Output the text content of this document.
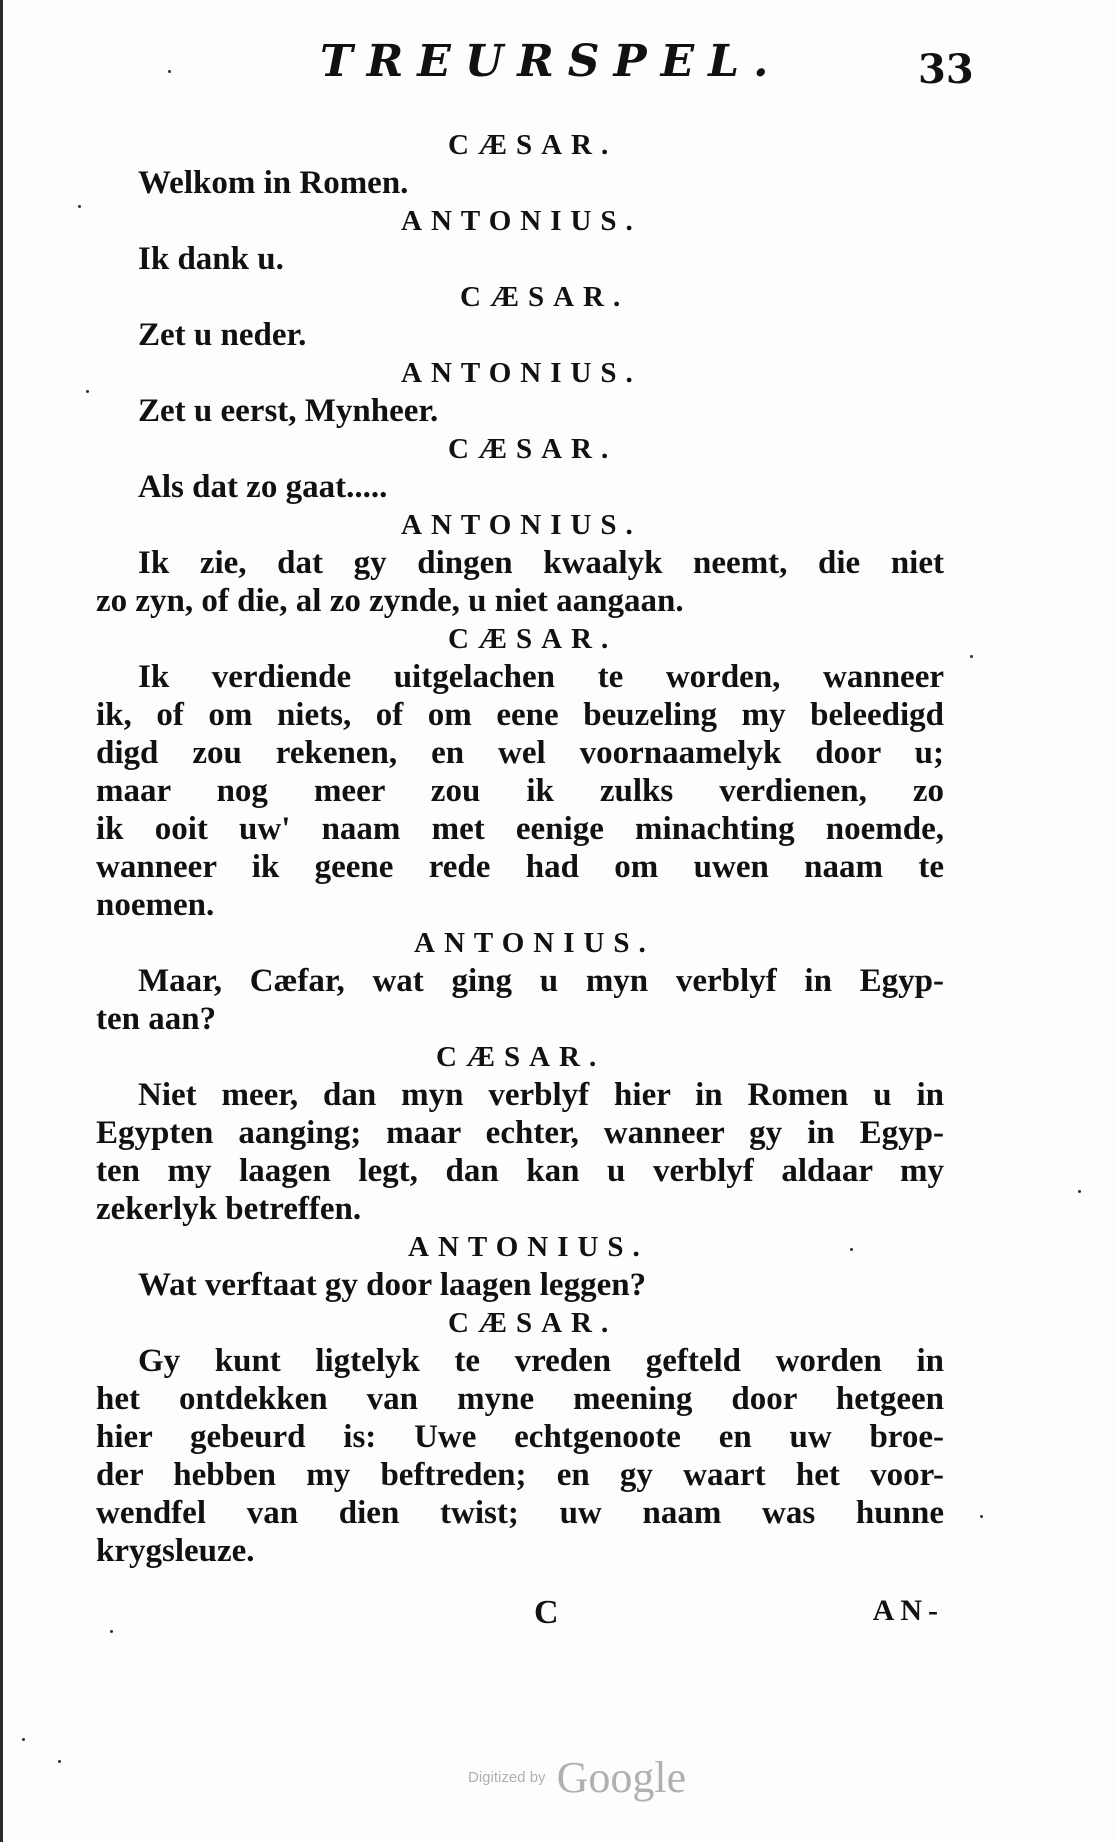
TREURSPEL.	33
CÆSAR.
Welkom in Romen.
ANTONIUS.
Ik dank u.
CÆSAR.
Zet u neder.
ANTONIUS.
Zet u eerst, Mynheer.
CÆSAR.
Als dat zo gaat.....
ANTONIUS.
Ik zie, dat gy dingen kwaalyk neemt, die niet
zo zyn, of die, al zo zynde, u niet aangaan.
CÆSAR.
Ik verdiende uitgelachen te worden, wanneer
ik, of om niets, of om eene beuzeling my beleedigd
digd zou rekenen, en wel voornaamelyk door u;
maar nog meer zou ik zulks verdienen, zo
ik ooit uw' naam met eenige minachting noemde,
wanneer ik geene rede had om uwen naam te
noemen.
ANTONIUS.
Maar, Cæfar, wat ging u myn verblyf in Egyp-
ten aan?
CÆSAR.
Niet meer, dan myn verblyf hier in Romen u in
Egypten aanging; maar echter, wanneer gy in Egyp-
ten my laagen legt, dan kan u verblyf aldaar my
zekerlyk betreffen.
ANTONIUS.
Wat verftaat gy door laagen leggen?
CÆSAR.
Gy kunt ligtelyk te vreden gefteld worden in
het ontdekken van myne meening door hetgeen
hier gebeurd is: Uwe echtgenoote en uw broe-
der hebben my beftreden; en gy waart het voor-
wendfel van dien twist; uw naam was hunne
krygsleuze.
C	AN-
Digitized by Google
